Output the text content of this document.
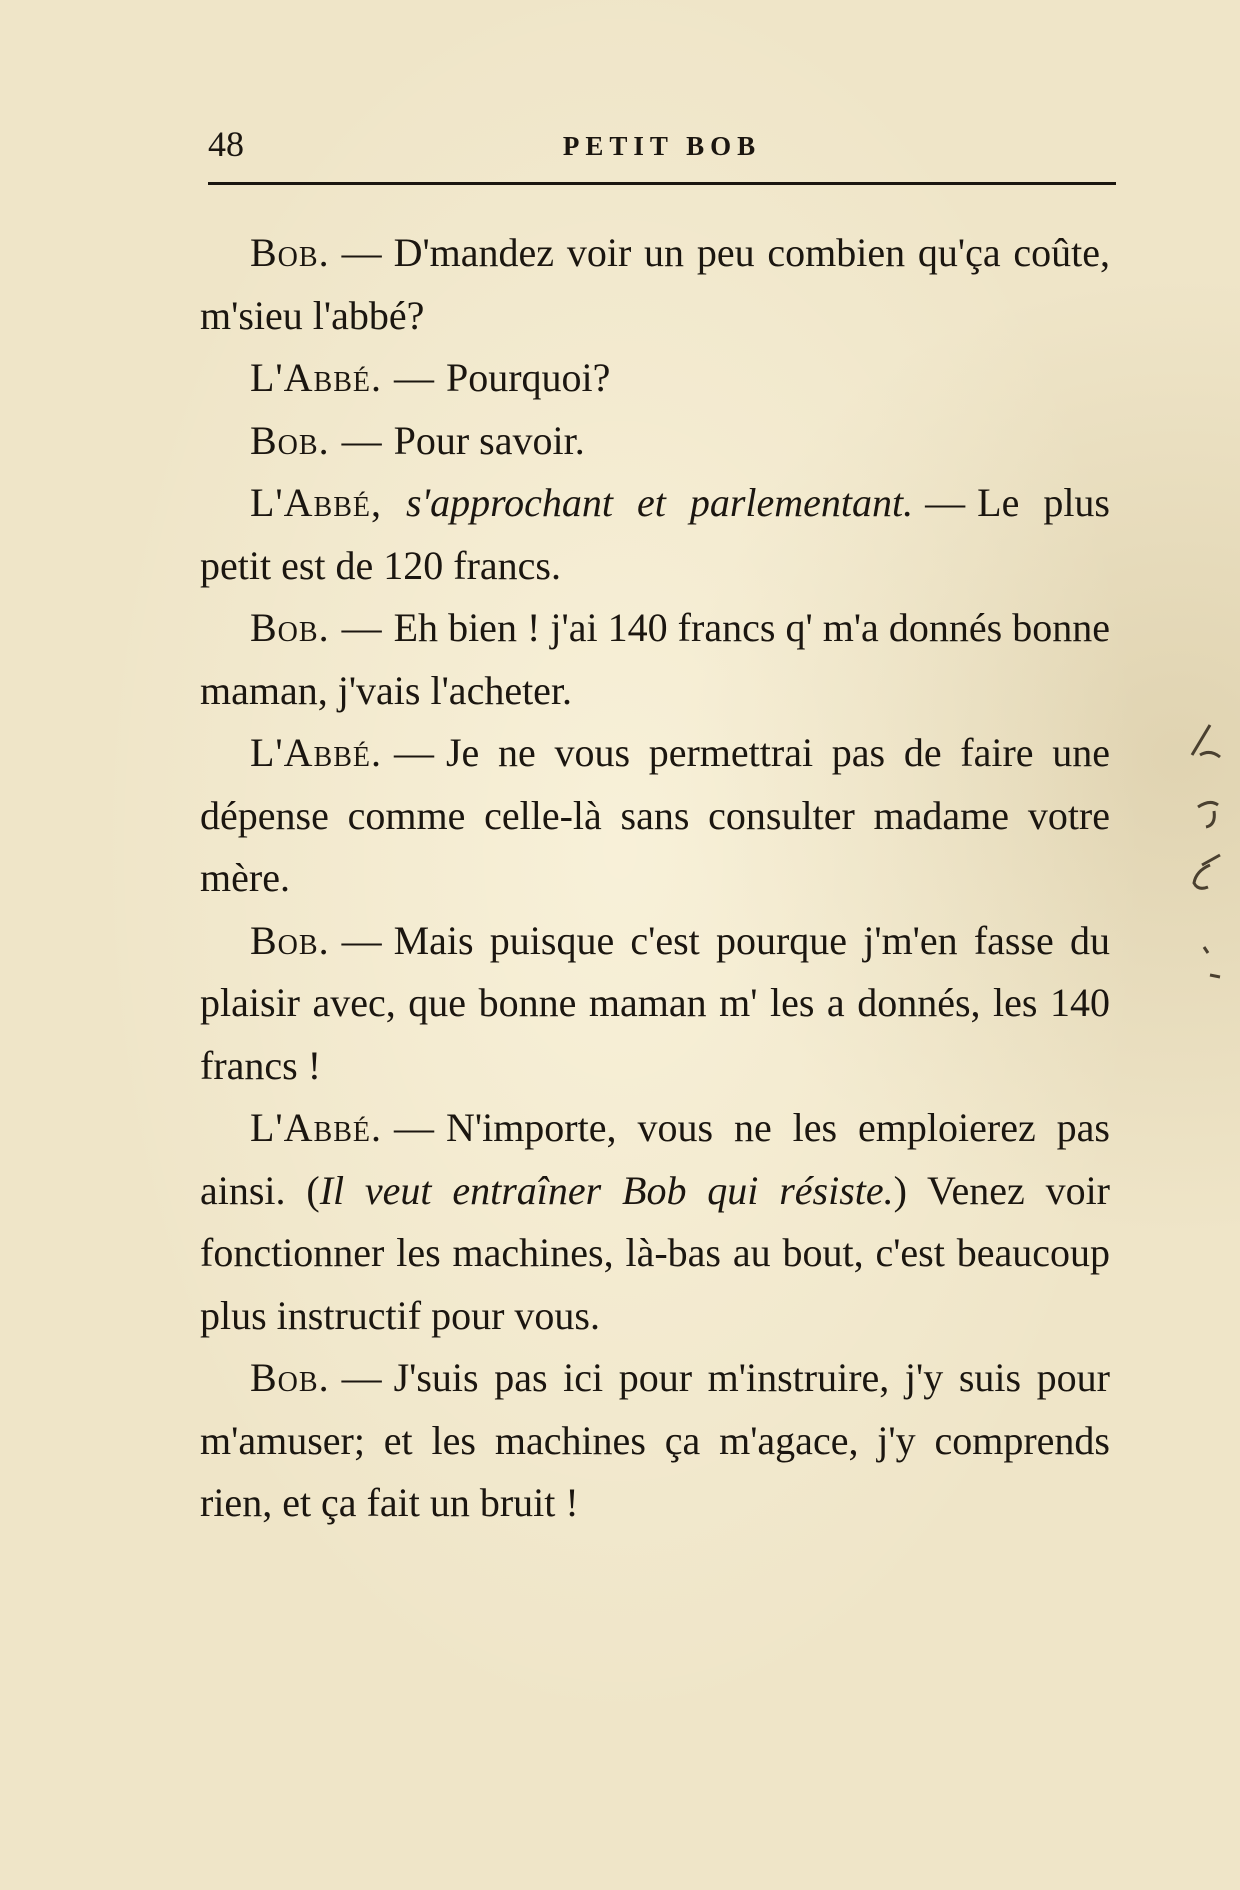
48	PETIT BOB

Bob. — D'mandez voir un peu combien qu'ça coûte, m'sieu l'abbé?

L'Abbé. — Pourquoi?

Bob. — Pour savoir.

L'Abbé, s'approchant et parlementant. — Le plus petit est de 120 francs.

Bob. — Eh bien ! j'ai 140 francs q' m'a donnés bonne maman, j'vais l'acheter.

L'Abbé. — Je ne vous permettrai pas de faire une dépense comme celle-là sans consulter madame votre mère.

Bob. — Mais puisque c'est pourque j'm'en fasse du plaisir avec, que bonne maman m' les a donnés, les 140 francs !

L'Abbé. — N'importe, vous ne les emploierez pas ainsi. (Il veut entraîner Bob qui résiste.) Venez voir fonctionner les machines, là-bas au bout, c'est beaucoup plus instructif pour vous.

Bob. — J'suis pas ici pour m'instruire, j'y suis pour m'amuser; et les machines ça m'agace, j'y comprends rien, et ça fait un bruit !
